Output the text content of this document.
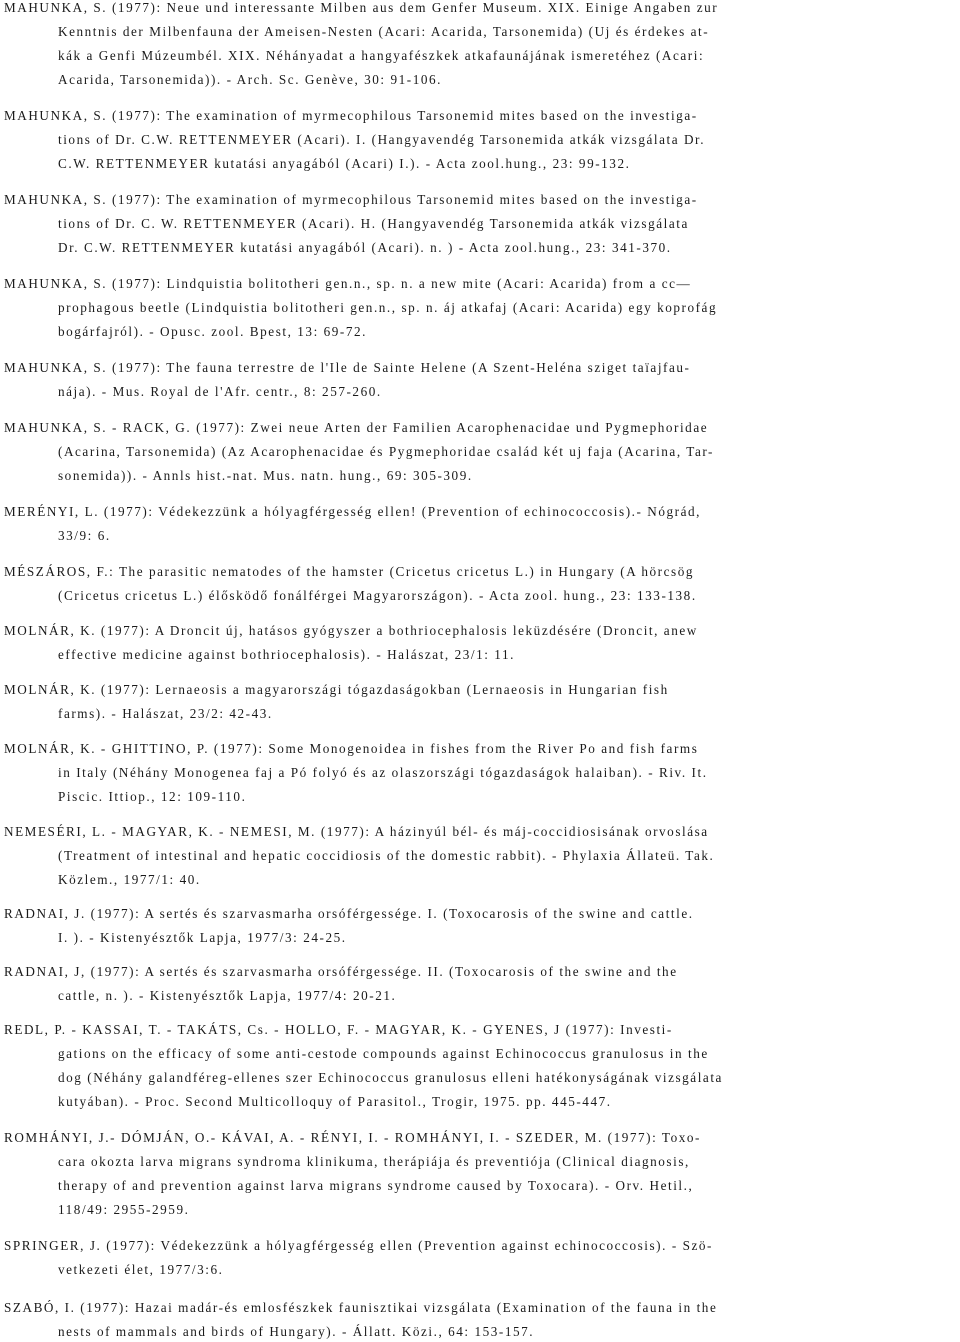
MAHUNKA, S. (1977): Neue und interessante Milben aus dem Genfer Museum. XIX. Einige Angaben zur
Kenntnis der Milbenfauna der Ameisen-Nesten (Acari: Acarida, Tarsonemida) (Uj és érdekes at-
kák a Genfi Múzeumbél. XIX. Néhányadat a hangyafészkek atkafaunájának ismeretéhez (Acari:
Acarida, Tarsonemida)). - Arch. Sc. Genève, 30: 91-106.
MAHUNKA, S. (1977): The examination of myrmecophilous Tarsonemid mites based on the investiga-
tions of Dr. C.W. RETTENMEYER (Acari). I. (Hangyavendég Tarsonemida atkák vizsgálata Dr.
C.W. RETTENMEYER kutatási anyagából (Acari) I.). - Acta zool.hung., 23: 99-132.
MAHUNKA, S. (1977): The examination of myrmecophilous Tarsonemid mites based on the investiga-
tions of Dr. C. W. RETTENMEYER (Acari). H. (Hangyavendég Tarsonemida atkák vizsgálata
Dr. C.W. RETTENMEYER kutatási anyagából (Acari). n. ) - Acta zool.hung., 23: 341-370.
MAHUNKA, S. (1977): Lindquistia bolitotheri gen.n., sp. n. a new mite (Acari: Acarida) from a cc—
prophagous beetle (Lindquistia bolitotheri gen.n., sp. n. áj atkafaj (Acari: Acarida) egy koprofág
bogárfajról). - Opusc. zool. Bpest, 13: 69-72.
MAHUNKA, S. (1977): The fauna terrestre de l'Ile de Sainte Helene (A Szent-Heléna sziget taïajfau-
nája). - Mus. Royal de l'Afr. centr., 8: 257-260.
MAHUNKA, S. - RACK, G. (1977): Zwei neue Arten der Familien Acarophenacidae und Pygmephoridae
(Acarina, Tarsonemida) (Az Acarophenacidae és Pygmephoridae család két uj faja (Acarina, Tar-
sonemida)). - Annls hist.-nat. Mus. natn. hung., 69: 305-309.
MERÉNYI, L. (1977): Védekezzünk a hólyagférgesség ellen! (Prevention of echinococcosis).- Nógrád,
33/9: 6.
MÉSZÁROS, F.: The parasitic nematodes of the hamster (Cricetus cricetus L.) in Hungary (A hörcsög
(Cricetus cricetus L.) élősködő fonálférgei Magyarországon). - Acta zool. hung., 23: 133-138.
MOLNÁR, K. (1977): A Droncit új, hatásos gyógyszer a bothriocephalosis leküzdésére (Droncit, anew
effective medicine against bothriocephalosis). - Halászat, 23/1: 11.
MOLNÁR, K. (1977): Lernaeosis a magyarországi tógazdaságokban (Lernaeosis in Hungarian fish
farms). - Halászat, 23/2: 42-43.
MOLNÁR, K. - GHITTINO, P. (1977): Some Monogenoidea in fishes from the River Po and fish farms
in Italy (Néhány Monogenea faj a Pó folyó és az olaszországi tógazdaságok halaiban). - Riv. It.
Piscic. Ittiop., 12: 109-110.
NEMESÉRI, L. - MAGYAR, K. - NEMESI, M. (1977): A házinyúl bél- és máj-coccidiosisának orvoslása
(Treatment of intestinal and hepatic coccidiosis of the domestic rabbit). - Phylaxia Állateü. Tak.
Közlem., 1977/1: 40.
RADNAI, J. (1977): A sertés és szarvasmarha orsóférgessége. I. (Toxocarosis of the swine and cattle.
I. ). - Kistenyésztők Lapja, 1977/3: 24-25.
RADNAI, J, (1977): A sertés és szarvasmarha orsóférgessége. II. (Toxocarosis of the swine and the
cattle, n. ). - Kistenyésztők Lapja, 1977/4: 20-21.
REDL, P. - KASSAI, T. - TAKÁTS, Cs. - HOLLO, F. - MAGYAR, K. - GYENES, J (1977): Investi-
gations on the efficacy of some anti-cestode compounds against Echinococcus granulosus in the
dog (Néhány galandféreg-ellenes szer Echinococcus granulosus elleni hatékonyságának vizsgálata
kutyában). - Proc. Second Multicolloquy of Parasitol., Trogir, 1975. pp. 445-447.
ROMHÁNYI, J.- DÓMJÁN, O.- KÁVAI, A. - RÉNYI, I. - ROMHÁNYI, I. - SZEDER, M. (1977): Toxo-
cara okozta larva migrans syndroma klinikuma, therápiája és preventiója (Clinical diagnosis,
therapy of and prevention against larva migrans syndrome caused by Toxocara). - Orv. Hetil.,
118/49: 2955-2959.
SPRINGER, J. (1977): Védekezzünk a hólyagférgesség ellen (Prevention against echinococcosis). - Szö-
vetkezeti élet, 1977/3:6.
SZABÓ, I. (1977): Hazai madár-és emlosfészkek faunisztikai vizsgálata (Examination of the fauna in the
nests of mammals and birds of Hungary). - Állatt. Közi., 64: 153-157.
